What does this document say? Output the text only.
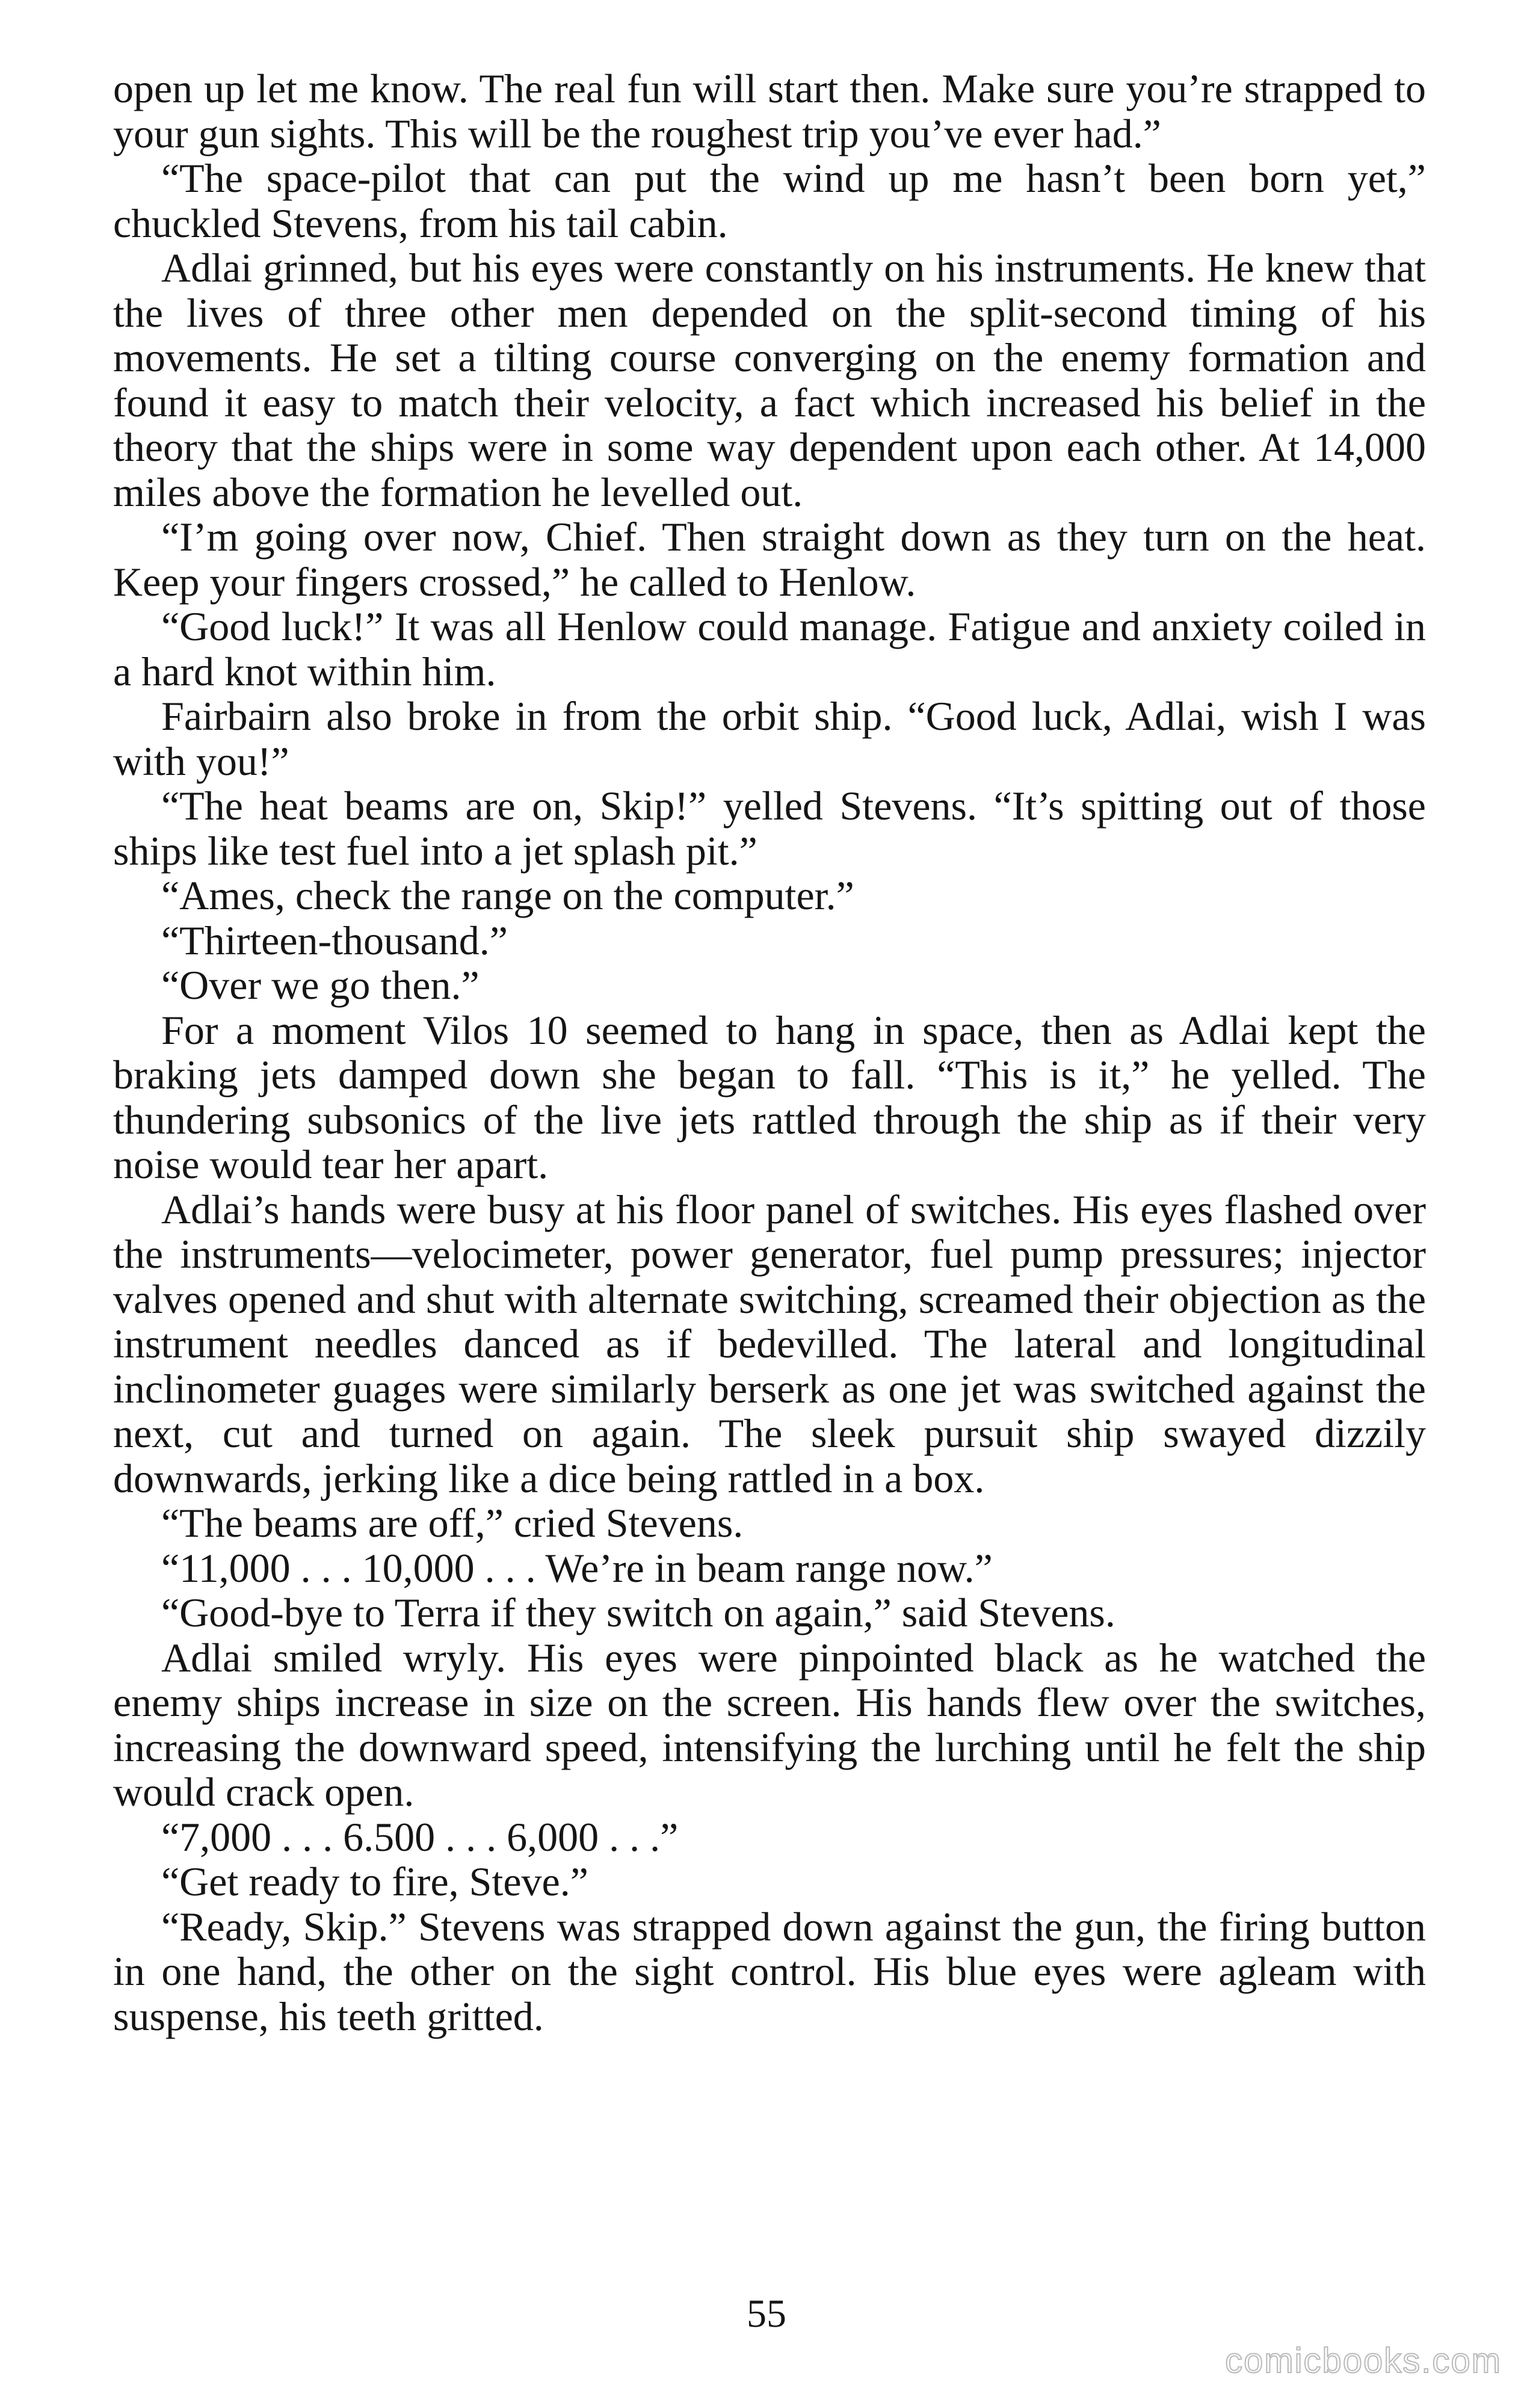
open up let me know. The real fun will start then. Make sure you’re strapped to your gun sights. This will be the roughest trip you’ve ever had.”

“The space-pilot that can put the wind up me hasn’t been born yet,” chuckled Stevens, from his tail cabin.

Adlai grinned, but his eyes were constantly on his instruments. He knew that the lives of three other men depended on the split-second timing of his movements. He set a tilting course converging on the enemy formation and found it easy to match their velocity, a fact which increased his belief in the theory that the ships were in some way dependent upon each other. At 14,000 miles above the formation he levelled out.

“I’m going over now, Chief. Then straight down as they turn on the heat. Keep your fingers crossed,” he called to Henlow.

“Good luck!” It was all Henlow could manage. Fatigue and anxiety coiled in a hard knot within him.

Fairbairn also broke in from the orbit ship. “Good luck, Adlai, wish I was with you!”

“The heat beams are on, Skip!” yelled Stevens. “It’s spitting out of those ships like test fuel into a jet splash pit.”

“Ames, check the range on the computer.”

“Thirteen-thousand.”

“Over we go then.”

For a moment Vilos 10 seemed to hang in space, then as Adlai kept the braking jets damped down she began to fall. “This is it,” he yelled. The thundering subsonics of the live jets rattled through the ship as if their very noise would tear her apart.

Adlai’s hands were busy at his floor panel of switches. His eyes flashed over the instruments—velocimeter, power generator, fuel pump pressures; injector valves opened and shut with alternate switching, screamed their objection as the instrument needles danced as if bedevilled. The lateral and longitudinal inclinometer guages were similarly berserk as one jet was switched against the next, cut and turned on again. The sleek pursuit ship swayed dizzily downwards, jerking like a dice being rattled in a box.

“The beams are off,” cried Stevens.

“11,000 . . . 10,000 . . . We’re in beam range now.”

“Good-bye to Terra if they switch on again,” said Stevens.

Adlai smiled wryly. His eyes were pinpointed black as he watched the enemy ships increase in size on the screen. His hands flew over the switches, increasing the downward speed, intensifying the lurching until he felt the ship would crack open.

“7,000 . . . 6.500 . . . 6,000 . . .”

“Get ready to fire, Steve.”

“Ready, Skip.” Stevens was strapped down against the gun, the firing button in one hand, the other on the sight control. His blue eyes were agleam with suspense, his teeth gritted.

55
comicbooks.com
